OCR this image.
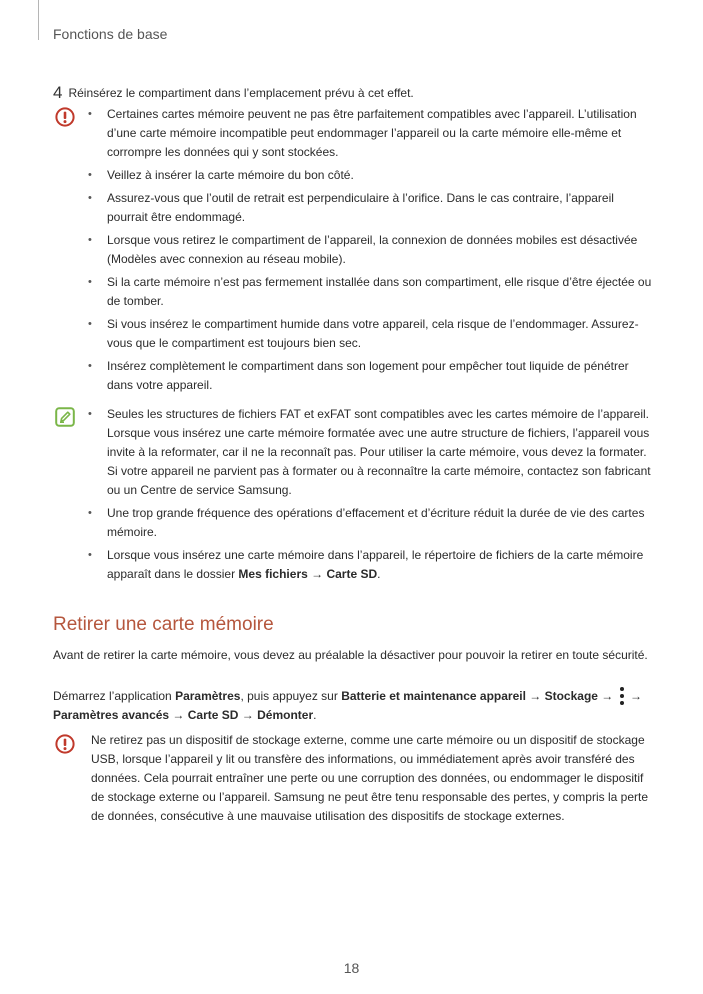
Fonctions de base
4 Réinsérez le compartiment dans l’emplacement prévu à cet effet.
• Certaines cartes mémoire peuvent ne pas être parfaitement compatibles avec l’appareil. L’utilisation d’une carte mémoire incompatible peut endommager l’appareil ou la carte mémoire elle-même et corrompre les données qui y sont stockées.
• Veillez à insérer la carte mémoire du bon côté.
• Assurez-vous que l’outil de retrait est perpendiculaire à l’orifice. Dans le cas contraire, l’appareil pourrait être endommagé.
• Lorsque vous retirez le compartiment de l’appareil, la connexion de données mobiles est désactivée (Modèles avec connexion au réseau mobile).
• Si la carte mémoire n’est pas fermement installée dans son compartiment, elle risque d’être éjectée ou de tomber.
• Si vous insérez le compartiment humide dans votre appareil, cela risque de l’endommager. Assurez-vous que le compartiment est toujours bien sec.
• Insérez complètement le compartiment dans son logement pour empêcher tout liquide de pénétrer dans votre appareil.
• Seules les structures de fichiers FAT et exFAT sont compatibles avec les cartes mémoire de l’appareil. Lorsque vous insérez une carte mémoire formatée avec une autre structure de fichiers, l’appareil vous invite à la reformater, car il ne la reconnaît pas. Pour utiliser la carte mémoire, vous devez la formater. Si votre appareil ne parvient pas à formater ou à reconnaître la carte mémoire, contactez son fabricant ou un Centre de service Samsung.
• Une trop grande fréquence des opérations d’effacement et d’écriture réduit la durée de vie des cartes mémoire.
• Lorsque vous insérez une carte mémoire dans l’appareil, le répertoire de fichiers de la carte mémoire apparaît dans le dossier Mes fichiers → Carte SD.
Retirer une carte mémoire

Avant de retirer la carte mémoire, vous devez au préalable la désactiver pour pouvoir la retirer en toute sécurité.

Démarrez l’application Paramètres, puis appuyez sur Batterie et maintenance appareil → Stockage →
→
Paramètres avancés → Carte SD → Démonter.

Ne retirez pas un dispositif de stockage externe, comme une carte mémoire ou un dispositif de stockage USB, lorsque l’appareil y lit ou transfère des informations, ou immédiatement après avoir transféré des données. Cela pourrait entraîner une perte ou une corruption des données, ou endommager le dispositif de stockage externe ou l’appareil. Samsung ne peut être tenu responsable des pertes, y compris la perte de données, consécutive à une mauvaise utilisation des dispositifs de stockage externes.

18
